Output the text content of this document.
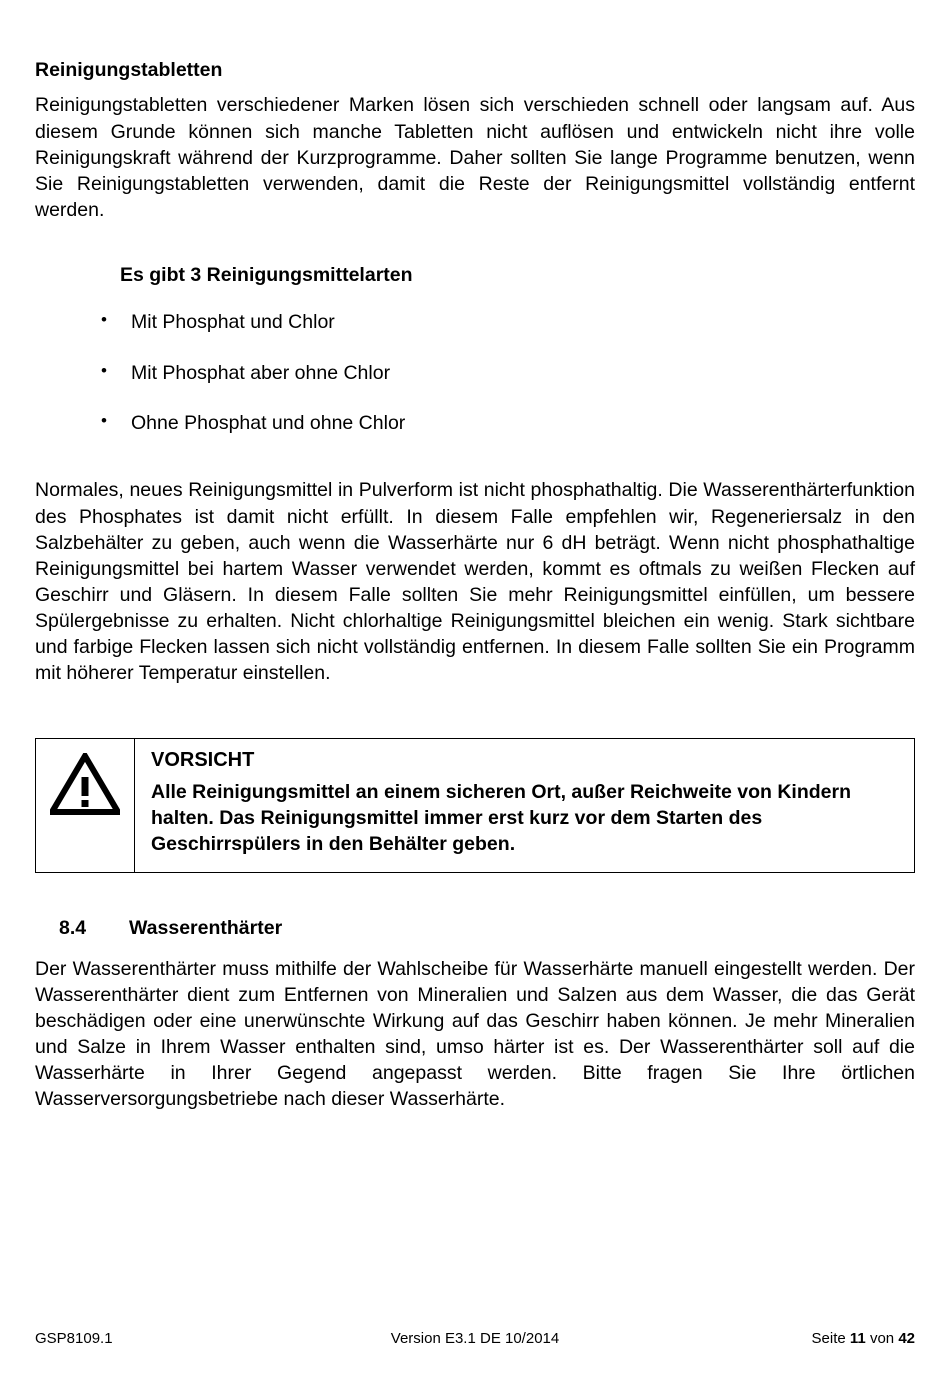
Reinigungstabletten

Reinigungstabletten verschiedener Marken lösen sich verschieden schnell oder langsam auf. Aus diesem Grunde können sich manche Tabletten nicht auflösen und entwickeln nicht ihre volle Reinigungskraft während der Kurzprogramme. Daher sollten Sie lange Programme benutzen, wenn Sie Reinigungstabletten verwenden, damit die Reste der Reinigungsmittel vollständig entfernt werden.

Es gibt 3 Reinigungsmittelarten
• Mit Phosphat und Chlor
• Mit Phosphat aber ohne Chlor
• Ohne Phosphat und ohne Chlor

Normales, neues Reinigungsmittel in Pulverform ist nicht phosphathaltig. Die Wasserenthärterfunktion des Phosphates ist damit nicht erfüllt. In diesem Falle empfehlen wir, Regeneriersalz in den Salzbehälter zu geben, auch wenn die Wasserhärte nur 6 dH beträgt. Wenn nicht phosphathaltige Reinigungsmittel bei hartem Wasser verwendet werden, kommt es oftmals zu weißen Flecken auf Geschirr und Gläsern. In diesem Falle sollten Sie mehr Reinigungsmittel einfüllen, um bessere Spülergebnisse zu erhalten. Nicht chlorhaltige Reinigungsmittel bleichen ein wenig. Stark sichtbare und farbige Flecken lassen sich nicht vollständig entfernen. In diesem Falle sollten Sie ein Programm mit höherer Temperatur einstellen.

VORSICHT

Alle Reinigungsmittel an einem sicheren Ort, außer Reichweite von Kindern halten. Das Reinigungsmittel immer erst kurz vor dem Starten des Geschirrspülers in den Behälter geben.

8.4	Wasserenthärter

Der Wasserenthärter muss mithilfe der Wahlscheibe für Wasserhärte manuell eingestellt werden. Der Wasserenthärter dient zum Entfernen von Mineralien und Salzen aus dem Wasser, die das Gerät beschädigen oder eine unerwünschte Wirkung auf das Geschirr haben können. Je mehr Mineralien und Salze in Ihrem Wasser enthalten sind, umso härter ist es. Der Wasserenthärter soll auf die Wasserhärte in Ihrer Gegend angepasst werden. Bitte fragen Sie Ihre örtlichen Wasserversorgungsbetriebe nach dieser Wasserhärte.

GSP8109.1	Version E3.1 DE 10/2014	Seite 11 von 42
